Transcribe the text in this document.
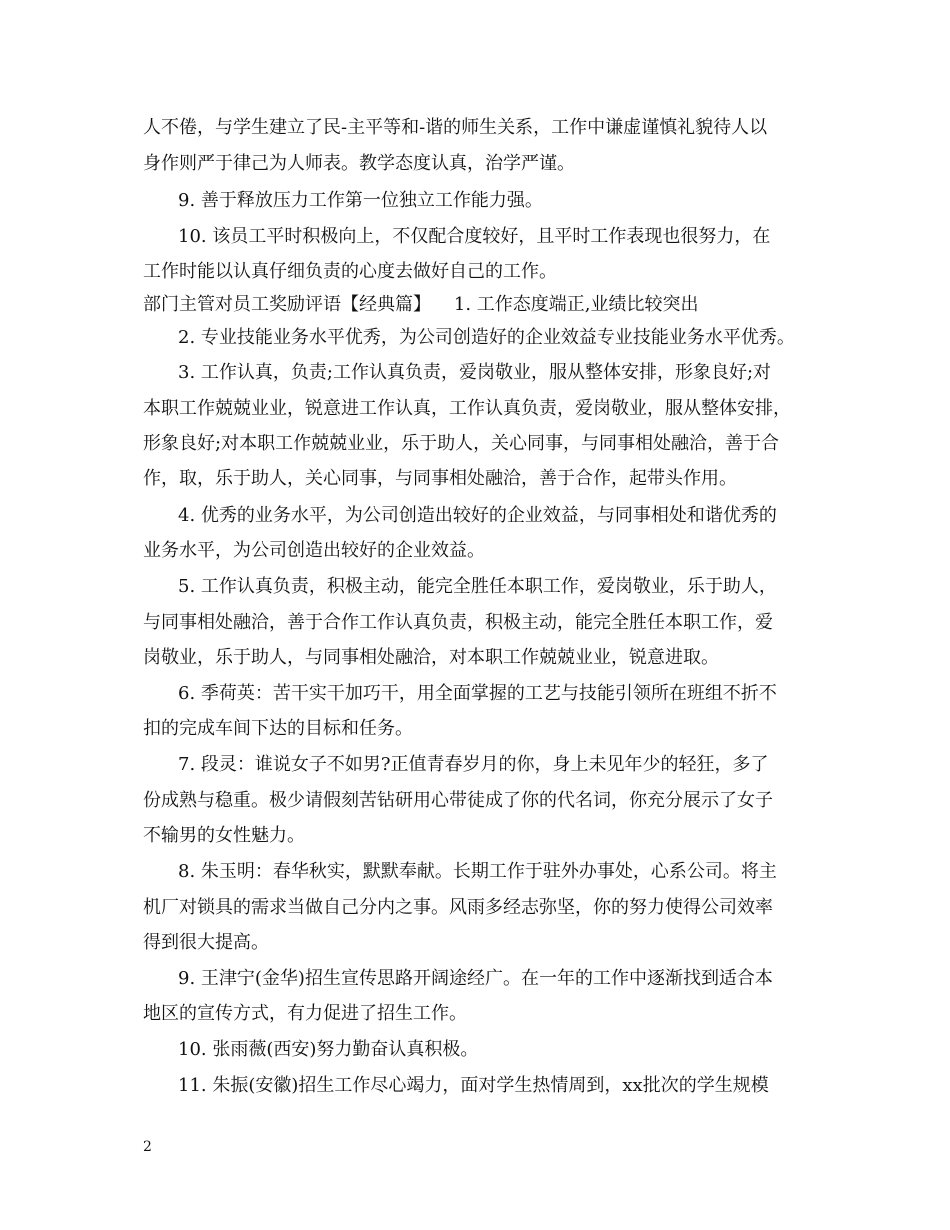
人不倦，与学生建立了民-主平等和-谐的师生关系，工作中谦虚谨慎礼貌待人以
身作则严于律己为人师表。教学态度认真，治学严谨。
9. 善于释放压力工作第一位独立工作能力强。
10. 该员工平时积极向上，不仅配合度较好，且平时工作表现也很努力，在
工作时能以认真仔细负责的心度去做好自己的工作。
部门主管对员工奖励评语【经典篇】    1. 工作态度端正,业绩比较突出
2. 专业技能业务水平优秀，为公司创造好的企业效益专业技能业务水平优秀。
3. 工作认真，负责;工作认真负责，爱岗敬业，服从整体安排，形象良好;对
本职工作兢兢业业，锐意进工作认真，工作认真负责，爱岗敬业，服从整体安排，
形象良好;对本职工作兢兢业业，乐于助人，关心同事，与同事相处融洽，善于合
作，取，乐于助人，关心同事，与同事相处融洽，善于合作，起带头作用。
4. 优秀的业务水平，为公司创造出较好的企业效益，与同事相处和谐优秀的
业务水平，为公司创造出较好的企业效益。
5. 工作认真负责，积极主动，能完全胜任本职工作，爱岗敬业，乐于助人，
与同事相处融洽，善于合作工作认真负责，积极主动，能完全胜任本职工作，爱
岗敬业，乐于助人，与同事相处融洽，对本职工作兢兢业业，锐意进取。
6. 季荷英：苦干实干加巧干，用全面掌握的工艺与技能引领所在班组不折不
扣的完成车间下达的目标和任务。
7. 段灵：谁说女子不如男?正值青春岁月的你，身上未见年少的轻狂，多了
份成熟与稳重。极少请假刻苦钻研用心带徒成了你的代名词，你充分展示了女子
不输男的女性魅力。
8. 朱玉明：春华秋实，默默奉献。长期工作于驻外办事处，心系公司。将主
机厂对锁具的需求当做自己分内之事。风雨多经志弥坚，你的努力使得公司效率
得到很大提高。
9. 王津宁(金华)招生宣传思路开阔途经广。在一年的工作中逐渐找到适合本
地区的宣传方式，有力促进了招生工作。
10. 张雨薇(西安)努力勤奋认真积极。
11. 朱振(安徽)招生工作尽心竭力，面对学生热情周到，xx批次的学生规模
2
